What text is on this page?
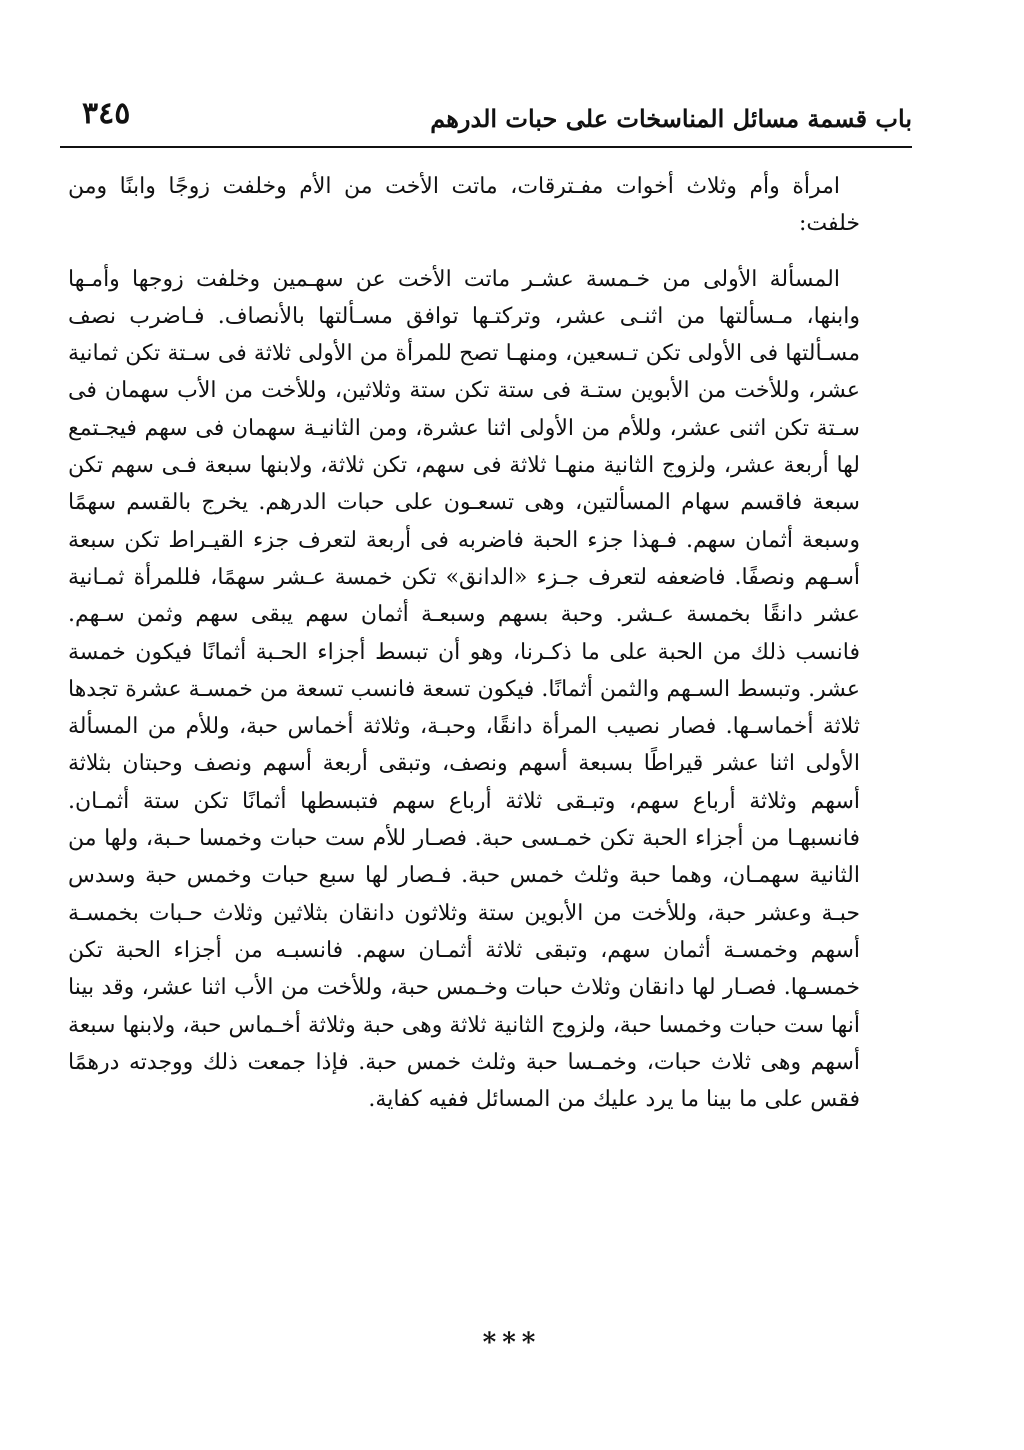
باب قسمة مسائل المناسخات على حبات الدرهم
٣٤٥

امرأة وأم وثلاث أخوات مفـترقات، ماتت الأخت من الأم وخلفت زوجًا وابنًا ومن خلفت:

المسألة الأولى من خـمسة عشـر ماتت الأخت عن سهـمين وخلفت زوجها وأمـها وابنها، مـسألتها من اثنـى عشر، وتركتـها توافق مسـألتها بالأنصاف. فـاضرب نصف مسـألتها فى الأولى تكن تـسعين، ومنهـا تصح للمرأة من الأولى ثلاثة فى سـتة تكن ثمانية عشر، وللأخت من الأبوين ستـة فى ستة تكن ستة وثلاثين، وللأخت من الأب سهمان فى سـتة تكن اثنى عشر، وللأم من الأولى اثنا عشرة، ومن الثانيـة سهمان فى سهم فيجـتمع لها أربعة عشر، ولزوج الثانية منهـا ثلاثة فى سهم، تكن ثلاثة، ولابنها سبعة فـى سهم تكن سبعة فاقسم سهام المسألتين، وهى تسعـون على حبات الدرهم. يخرج بالقسم سهمًا وسبعة أثمان سهم. فـهذا جزء الحبة فاضربه فى أربعة لتعرف جزء القيـراط تكن سبعة أسـهم ونصفًا. فاضعفه لتعرف جـزء «الدانق» تكن خمسة عـشر سهمًا، فللمرأة ثمـانية عشر دانقًا بخمسة عـشر. وحبة بسهم وسبعـة أثمان سهم يبقى سهم وثمن سـهم. فانسب ذلك من الحبة على ما ذكـرنا، وهو أن تبسط أجزاء الحـبة أثمانًا فيكون خمسة عشر. وتبسط السـهم والثمن أثمانًا. فيكون تسعة فانسب تسعة من خمسـة عشرة تجدها ثلاثة أخماسـها. فصار نصيب المرأة دانقًا، وحبـة، وثلاثة أخماس حبة، وللأم من المسألة الأولى اثنا عشر قيراطًا بسبعة أسهم ونصف، وتبقى أربعة أسهم ونصف وحبتان بثلاثة أسهم وثلاثة أرباع سهم، وتبـقى ثلاثة أرباع سهم فتبسطها أثمانًا تكن ستة أثمـان. فانسبهـا من أجزاء الحبة تكن خمـسى حبة. فصـار للأم ست حبات وخمسا حـبة، ولها من الثانية سهمـان، وهما حبة وثلث خمس حبة. فـصار لها سبع حبات وخمس حبة وسدس حبـة وعشر حبة، وللأخت من الأبوين ستة وثلاثون دانقان بثلاثين وثلاث حـبات بخمسـة أسهم وخمسـة أثمان سهم، وتبقى ثلاثة أثمـان سهم. فانسبـه من أجزاء الحبة تكن خمسـها. فصـار لها دانقان وثلاث حبات وخـمس حبة، وللأخت من الأب اثنا عشر، وقد بينا أنها ست حبات وخمسا حبة، ولزوج الثانية ثلاثة وهى حبة وثلاثة أخـماس حبة، ولابنها سبعة أسهم وهى ثلاث حبات، وخمـسا حبة وثلث خمس حبة. فإذا جمعت ذلك ووجدته درهمًا فقس على ما بينا ما يرد عليك من المسائل ففيه كفاية.

***
